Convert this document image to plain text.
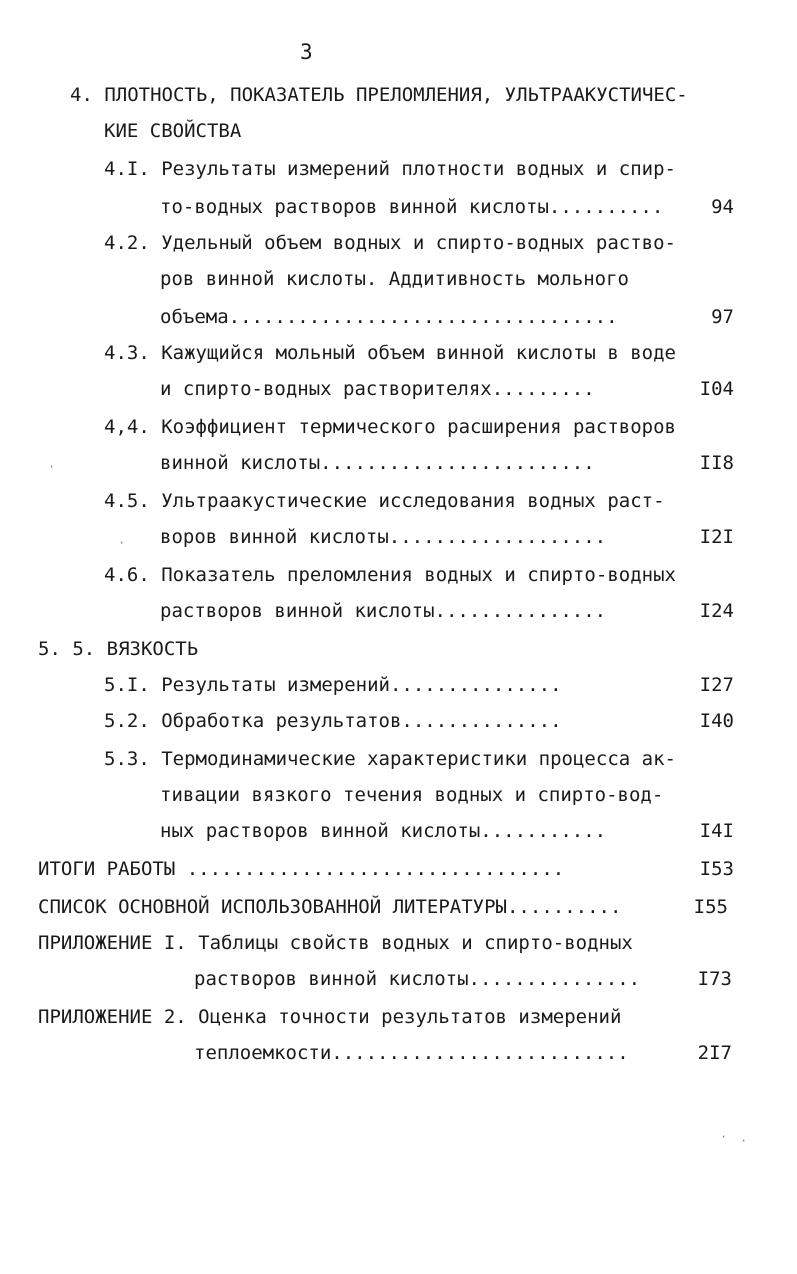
3
4. ПЛОТНОСТЬ, ПОКАЗАТЕЛЬ ПРЕЛОМЛЕНИЯ, УЛЬТРААКУСТИЧЕС-
КИЕ СВОЙСТВА
4.I. Результаты измерений плотности водных и спир-
то-водных растворов винной кислоты..........	94
4.2. Удельный объем водных и спирто-водных раство-
ров винной кислоты. Аддитивность мольного
объема..................................	97
4.3. Кажущийся мольный объем винной кислоты в воде
и спирто-водных растворителях.........	I04
4,4. Коэффициент термического расширения растворов
винной кислоты........................	II8
4.5. Ультраакустические исследования водных раст-
воров винной кислоты...................	I2I
4.6. Показатель преломления водных и спирто-водных
растворов винной кислоты...............	I24
5. 5. ВЯЗКОСТЬ
5.I. Результаты измерений...............	I27
5.2. Обработка результатов..............	I40
5.3. Термодинамические характеристики процесса ак-
тивации вязкого течения водных и спирто-вод-
ных растворов винной кислоты...........	I4I
ИТОГИ РАБОТЫ .................................	I53
СПИСОК ОСНОВНОЙ ИСПОЛЬЗОВАННОЙ ЛИТЕРАТУРЫ..........	I55
ПРИЛОЖЕНИЕ I. Таблицы свойств водных и спирто-водных
растворов винной кислоты...............	I73
ПРИЛОЖЕНИЕ 2. Оценка точности результатов измерений
теплоемкости..........................	2I7
·
·
· ·
